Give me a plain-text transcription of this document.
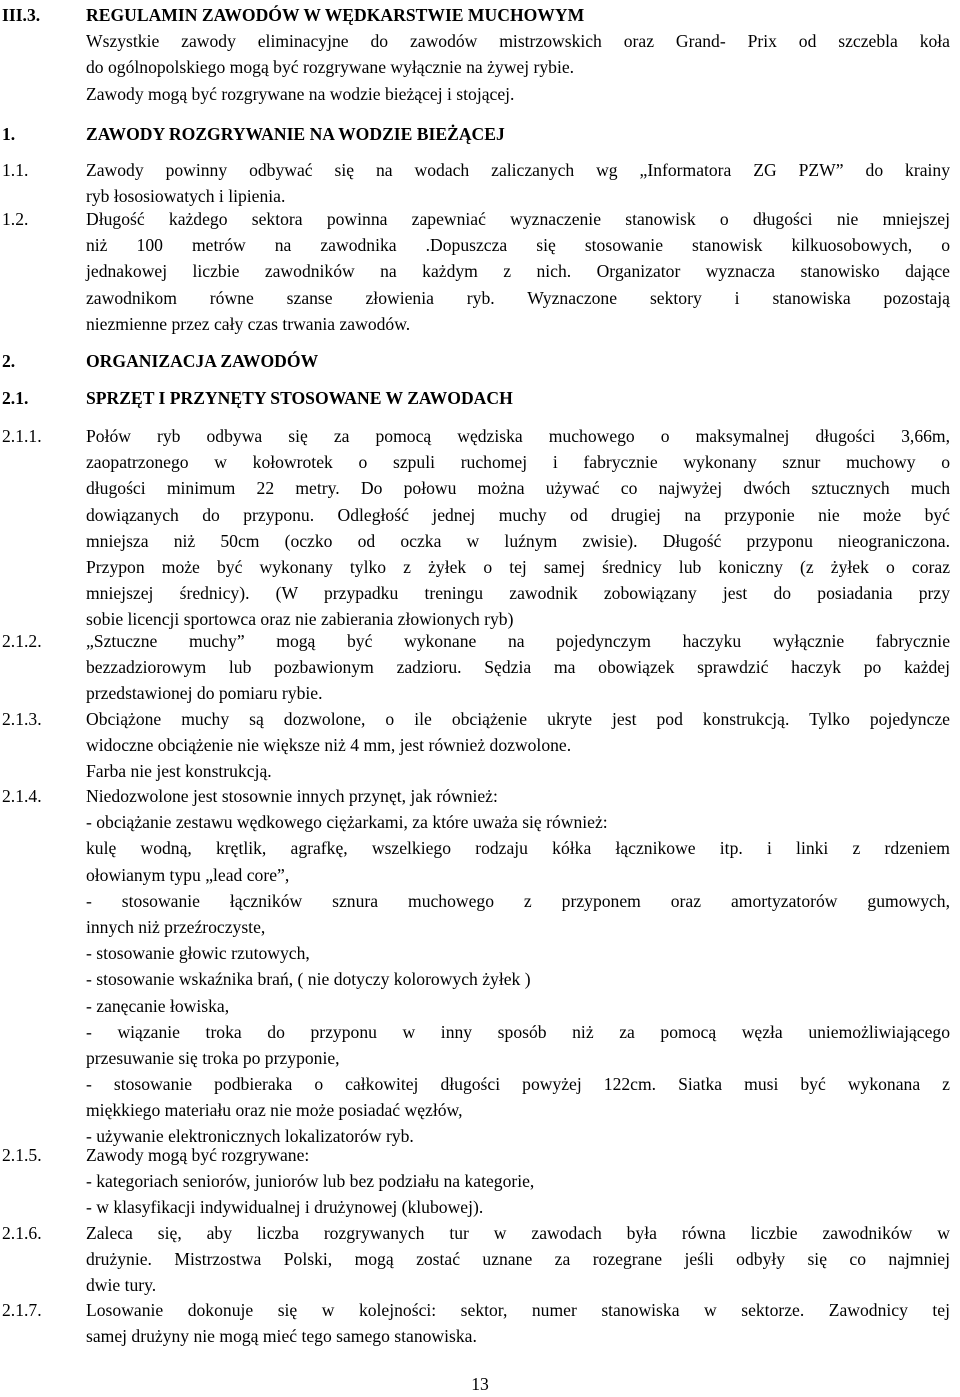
III.3.	REGULAMIN ZAWODÓW W WĘDKARSTWIE MUCHOWYM
Wszystkie zawody eliminacyjne do zawodów mistrzowskich oraz Grand- Prix od szczebla koła
do ogólnopolskiego mogą być rozgrywane wyłącznie na żywej rybie.
Zawody mogą być rozgrywane na wodzie bieżącej i stojącej.
1.	ZAWODY ROZGRYWANIE NA WODZIE BIEŻĄCEJ
1.1.	Zawody powinny odbywać się na wodach zaliczanych wg „Informatora ZG PZW” do krainy
ryb łososiowatych i lipienia.
1.2.	Długość każdego sektora powinna zapewniać wyznaczenie stanowisk o długości nie mniejszej
niż 100 metrów na zawodnika .Dopuszcza się stosowanie stanowisk kilkuosobowych, o
jednakowej liczbie zawodników na każdym z nich. Organizator wyznacza stanowisko dające
zawodnikom równe szanse złowienia ryb. Wyznaczone sektory i stanowiska pozostają
niezmienne przez cały czas trwania zawodów.
2.	ORGANIZACJA ZAWODÓW
2.1.	SPRZĘT I PRZYNĘTY STOSOWANE W ZAWODACH
2.1.1.	Połów ryb odbywa się za pomocą wędziska muchowego o maksymalnej długości 3,66m,
zaopatrzonego w kołowrotek o szpuli ruchomej i fabrycznie wykonany sznur muchowy o
długości minimum 22 metry. Do połowu można używać co najwyżej dwóch sztucznych much
dowiązanych do przyponu. Odległość jednej muchy od drugiej na przyponie nie może być
mniejsza niż 50cm (oczko od oczka w luźnym zwisie). Długość przyponu nieograniczona.
Przypon może być wykonany tylko z żyłek o tej samej średnicy lub koniczny (z żyłek o coraz
mniejszej średnicy). (W przypadku treningu zawodnik zobowiązany jest do posiadania przy
sobie licencji sportowca oraz nie zabierania złowionych ryb)
2.1.2.	„Sztuczne muchy” mogą być wykonane na pojedynczym haczyku wyłącznie fabrycznie
bezzadziorowym lub pozbawionym zadzioru. Sędzia ma obowiązek sprawdzić haczyk po każdej
przedstawionej do pomiaru rybie.
2.1.3.	Obciążone muchy są dozwolone, o ile obciążenie ukryte jest pod konstrukcją. Tylko pojedyncze
widoczne obciążenie nie większe niż 4 mm, jest również dozwolone.
Farba nie jest konstrukcją.
2.1.4.	Niedozwolone jest stosownie innych przynęt, jak również:
- obciążanie zestawu wędkowego ciężarkami, za które uważa się również:
kulę wodną, krętlik, agrafkę, wszelkiego rodzaju kółka łącznikowe itp. i linki z rdzeniem
ołowianym typu „lead core”,
- stosowanie łączników sznura muchowego z przyponem oraz amortyzatorów gumowych,
innych niż przeźroczyste,
- stosowanie głowic rzutowych,
- stosowanie wskaźnika brań, ( nie dotyczy kolorowych żyłek )
- zanęcanie łowiska,
- wiązanie troka do przyponu w inny sposób niż za pomocą węzła uniemożliwiającego
przesuwanie się troka po przyponie,
- stosowanie podbieraka o całkowitej długości powyżej 122cm. Siatka musi być wykonana z
miękkiego materiału oraz nie może posiadać węzłów,
- używanie elektronicznych lokalizatorów ryb.
2.1.5.	Zawody mogą być rozgrywane:
- kategoriach seniorów, juniorów lub bez podziału na kategorie,
- w klasyfikacji indywidualnej i drużynowej (klubowej).
2.1.6.	Zaleca się, aby liczba rozgrywanych tur w zawodach była równa liczbie zawodników w
drużynie. Mistrzostwa Polski, mogą zostać uznane za rozegrane jeśli odbyły się co najmniej
dwie tury.
2.1.7.	Losowanie dokonuje się w kolejności: sektor, numer stanowiska w sektorze. Zawodnicy tej
samej drużyny nie mogą mieć tego samego stanowiska.
13
